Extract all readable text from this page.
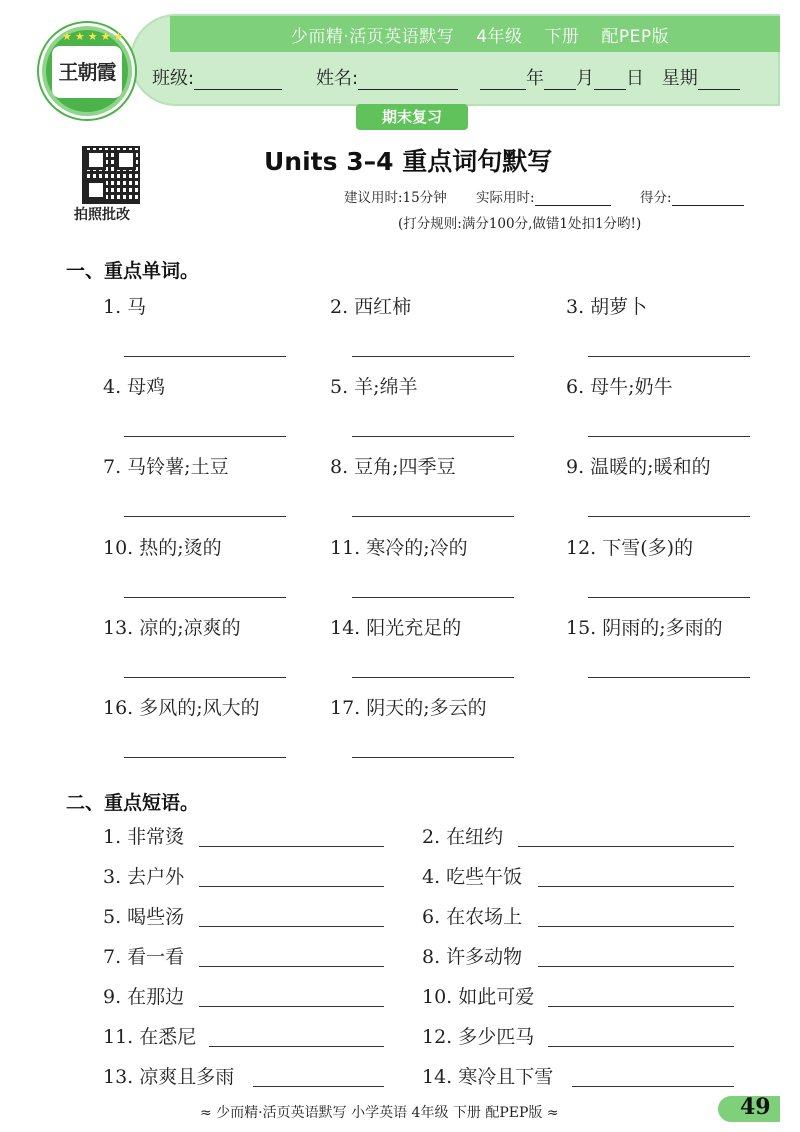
少而精·活页英语默写 4年级 下册 配PEP版
★★★★★
王朝霞	班级:	姓名:	年 月 日 星期
期末复习
拍照批改
Units 3–4 重点词句默写
建议用时:15分钟 实际用时:	得分:
(打分规则:满分100分,做错1处扣1分哟!)
一、重点单词。
1. 马	2. 西红柿	3. 胡萝卜
4. 母鸡	5. 羊;绵羊	6. 母牛;奶牛
7. 马铃薯;土豆	8. 豆角;四季豆	9. 温暖的;暖和的
10. 热的;烫的	11. 寒冷的;冷的	12. 下雪(多)的
13. 凉的;凉爽的	14. 阳光充足的	15. 阴雨的;多雨的
16. 多风的;风大的	17. 阴天的;多云的
二、重点短语。
1. 非常烫	2. 在纽约
3. 去户外	4. 吃些午饭
5. 喝些汤	6. 在农场上
7. 看一看	8. 许多动物
9. 在那边	10. 如此可爱
11. 在悉尼	12. 多少匹马
13. 凉爽且多雨	14. 寒冷且下雪
≈ 少而精·活页英语默写 小学英语 4年级 下册 配PEP版 ≈	49
